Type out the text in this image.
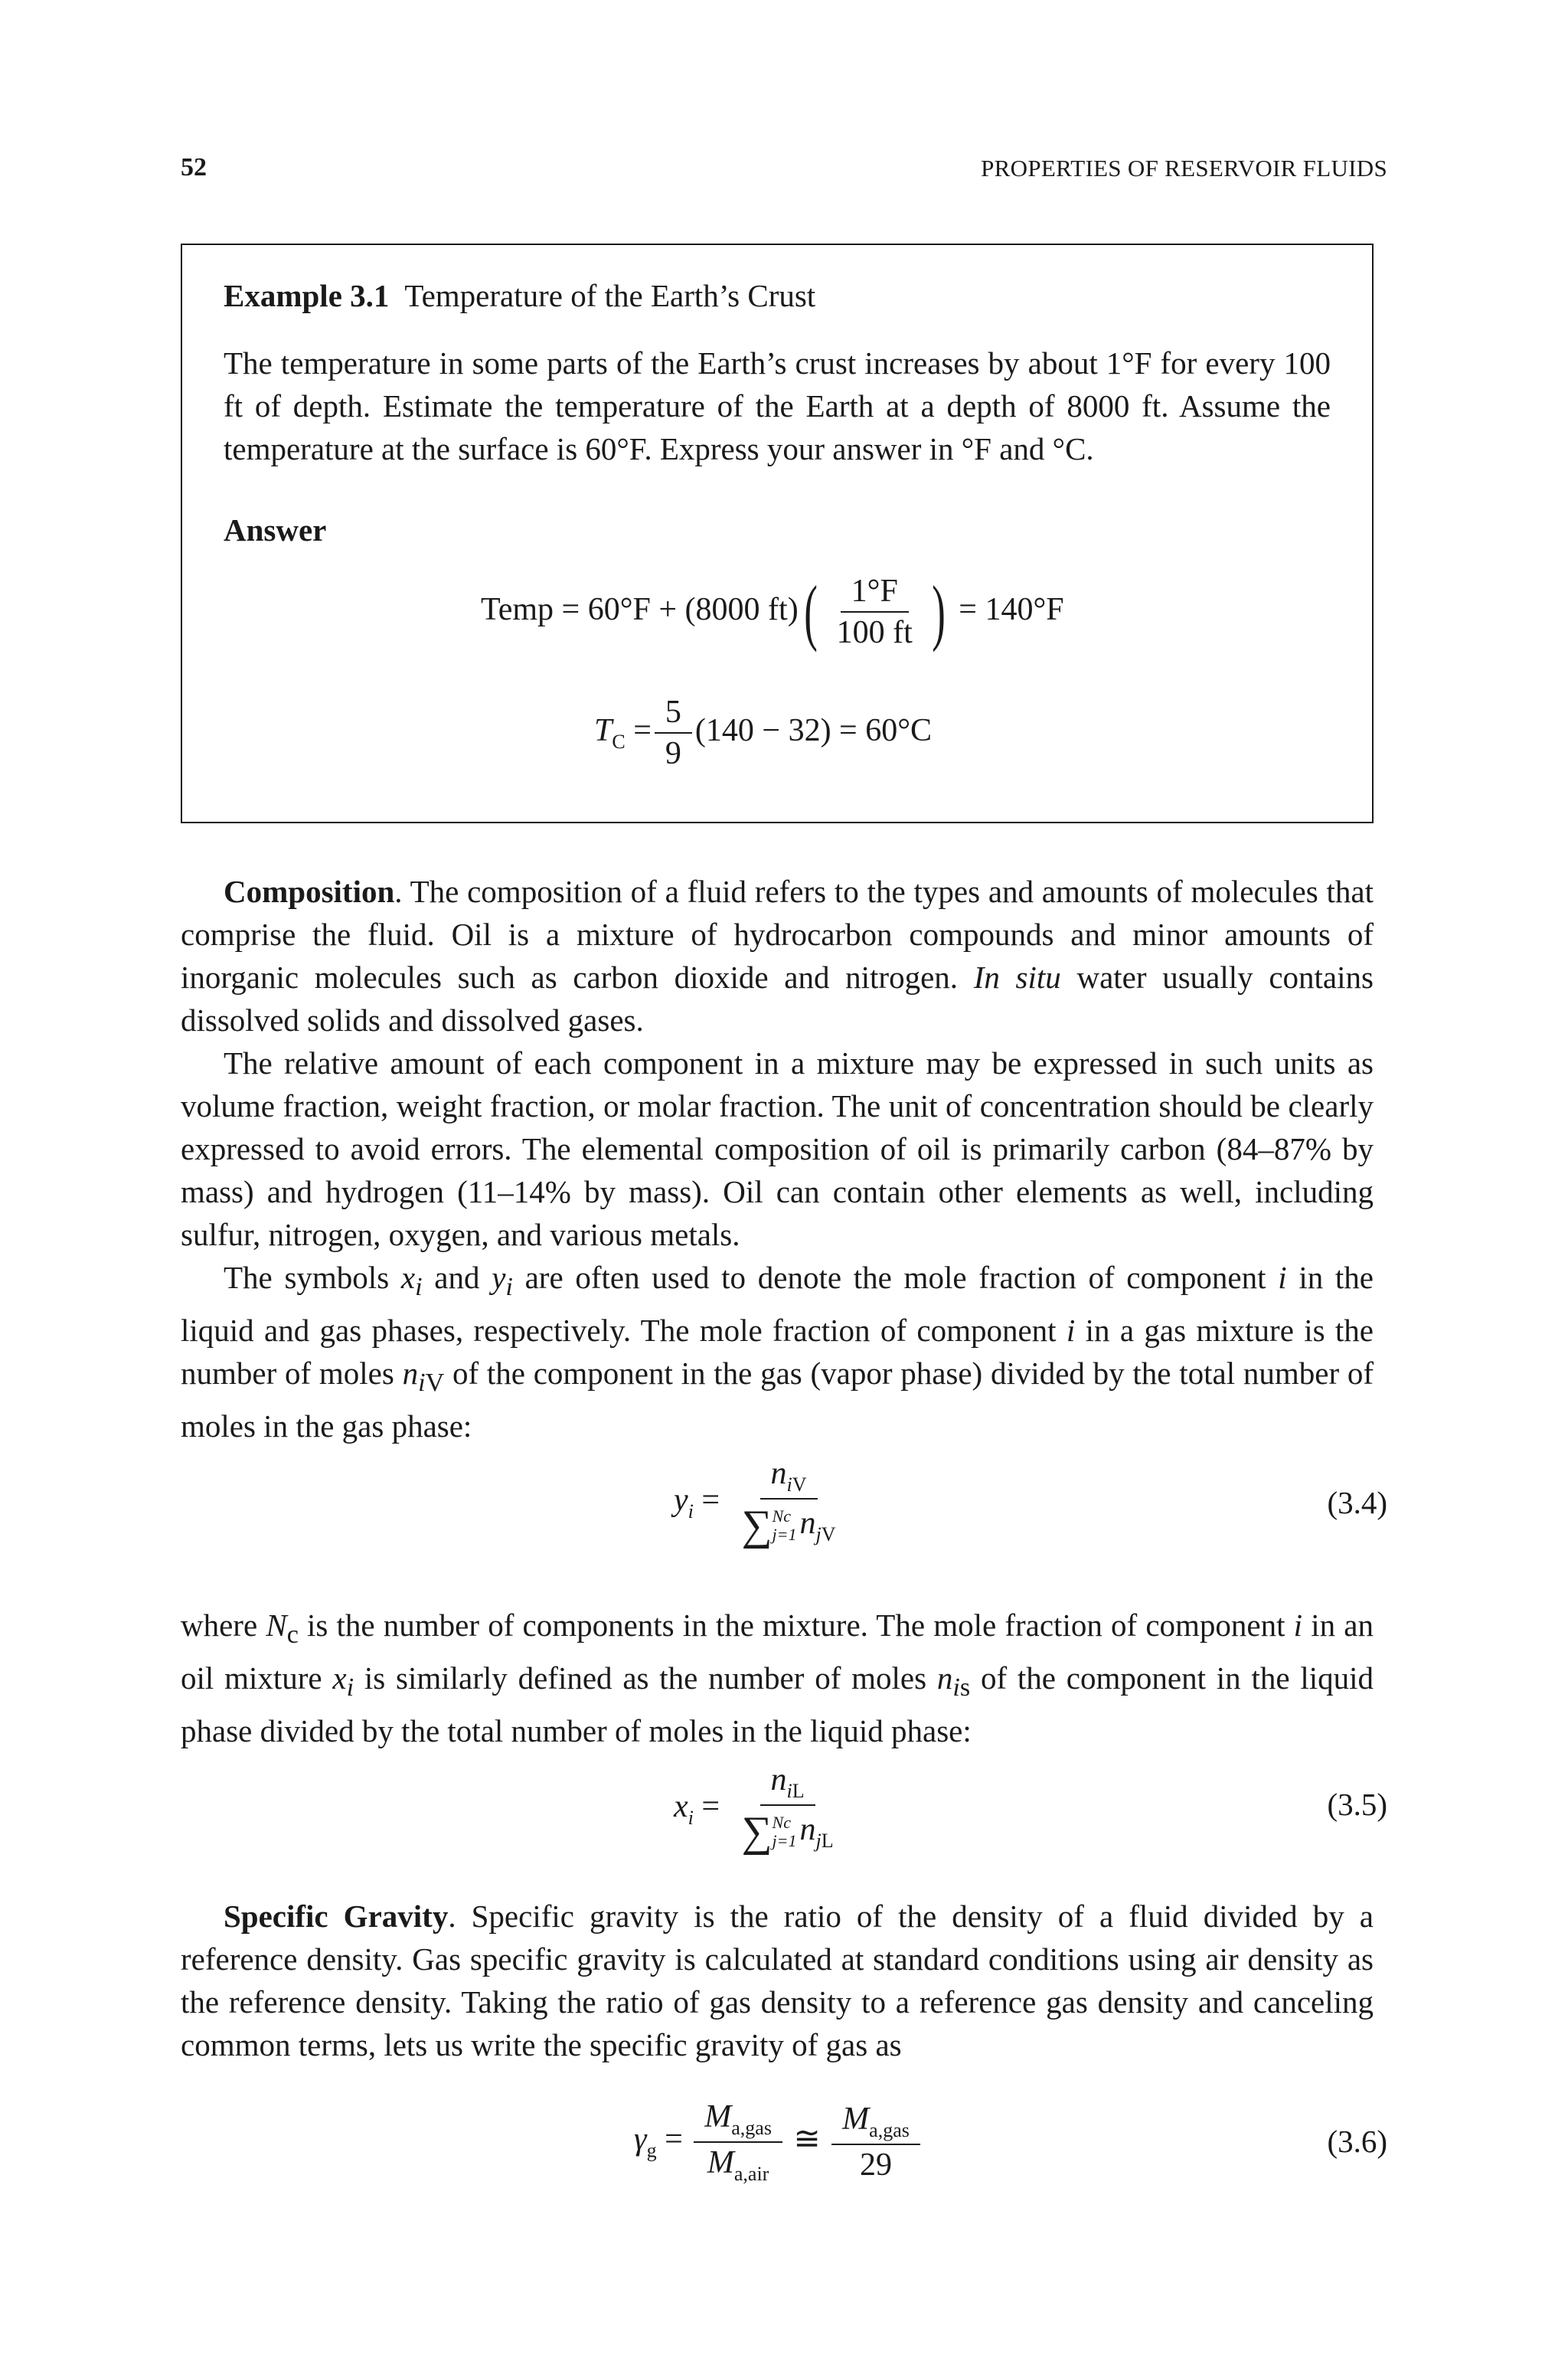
52	PROPERTIES OF RESERVOIR FLUIDS
Example 3.1 Temperature of the Earth’s Crust
The temperature in some parts of the Earth’s crust increases by about 1°F for every 100 ft of depth. Estimate the temperature of the Earth at a depth of 8000 ft. Assume the temperature at the surface is 60°F. Express your answer in °F and °C.
Answer
Temp = 60°F + (8000 $ft)( \frac{1^\circ F}{100 ft}$ ) = 140°F
$T_C = \frac{5}{9} (140 - 32) = 60^\circ C$
Composition. The composition of a fluid refers to the types and amounts of molecules that comprise the fluid. Oil is a mixture of hydrocarbon compounds and minor amounts of inorganic molecules such as carbon dioxide and nitrogen. In situ water usually contains dissolved solids and dissolved gases.
The relative amount of each component in a mixture may be expressed in such units as volume fraction, weight fraction, or molar fraction. The unit of concentration should be clearly expressed to avoid errors. The elemental composition of oil is primarily carbon (84–87% by mass) and hydrogen (11–14% by mass). Oil can contain other elements as well, including sulfur, nitrogen, oxygen, and various metals.
The symbols $x_i$ and $y_i$ are often used to denote the mole fraction of component i in the liquid and gas phases, respectively. The mole fraction of component i in a gas mixture is the number of moles $n_{iV}$ of the component in the gas (vapor phase) divided by the total number of moles in the gas phase:
$y_i = n_{iV}$
∑ Nc
j=1 $n_{jV}$	(3.4)
where $N_c$ is the number of components in the mixture. The mole fraction of component i in an oil mixture $x_i$ is similarly defined as the number of moles $n_{is}$ of the component in the liquid phase divided by the total number of moles in the liquid phase:
$x_i = n_{iL}$
∑ Nc
j=1 $n_{jL}$	(3.5)
Specific Gravity. Specific gravity is the ratio of the density of a fluid divided by a reference density. Gas specific gravity is calculated at standard conditions using air density as the reference density. Taking the ratio of gas density to a reference gas density and canceling common terms, lets us write the specific gravity of gas as
$\gamma_g = \frac{M_{a,gas}}{M_{a,air}}$ ≅ $\frac{M_{a,gas}}{29}$	(3.6)
